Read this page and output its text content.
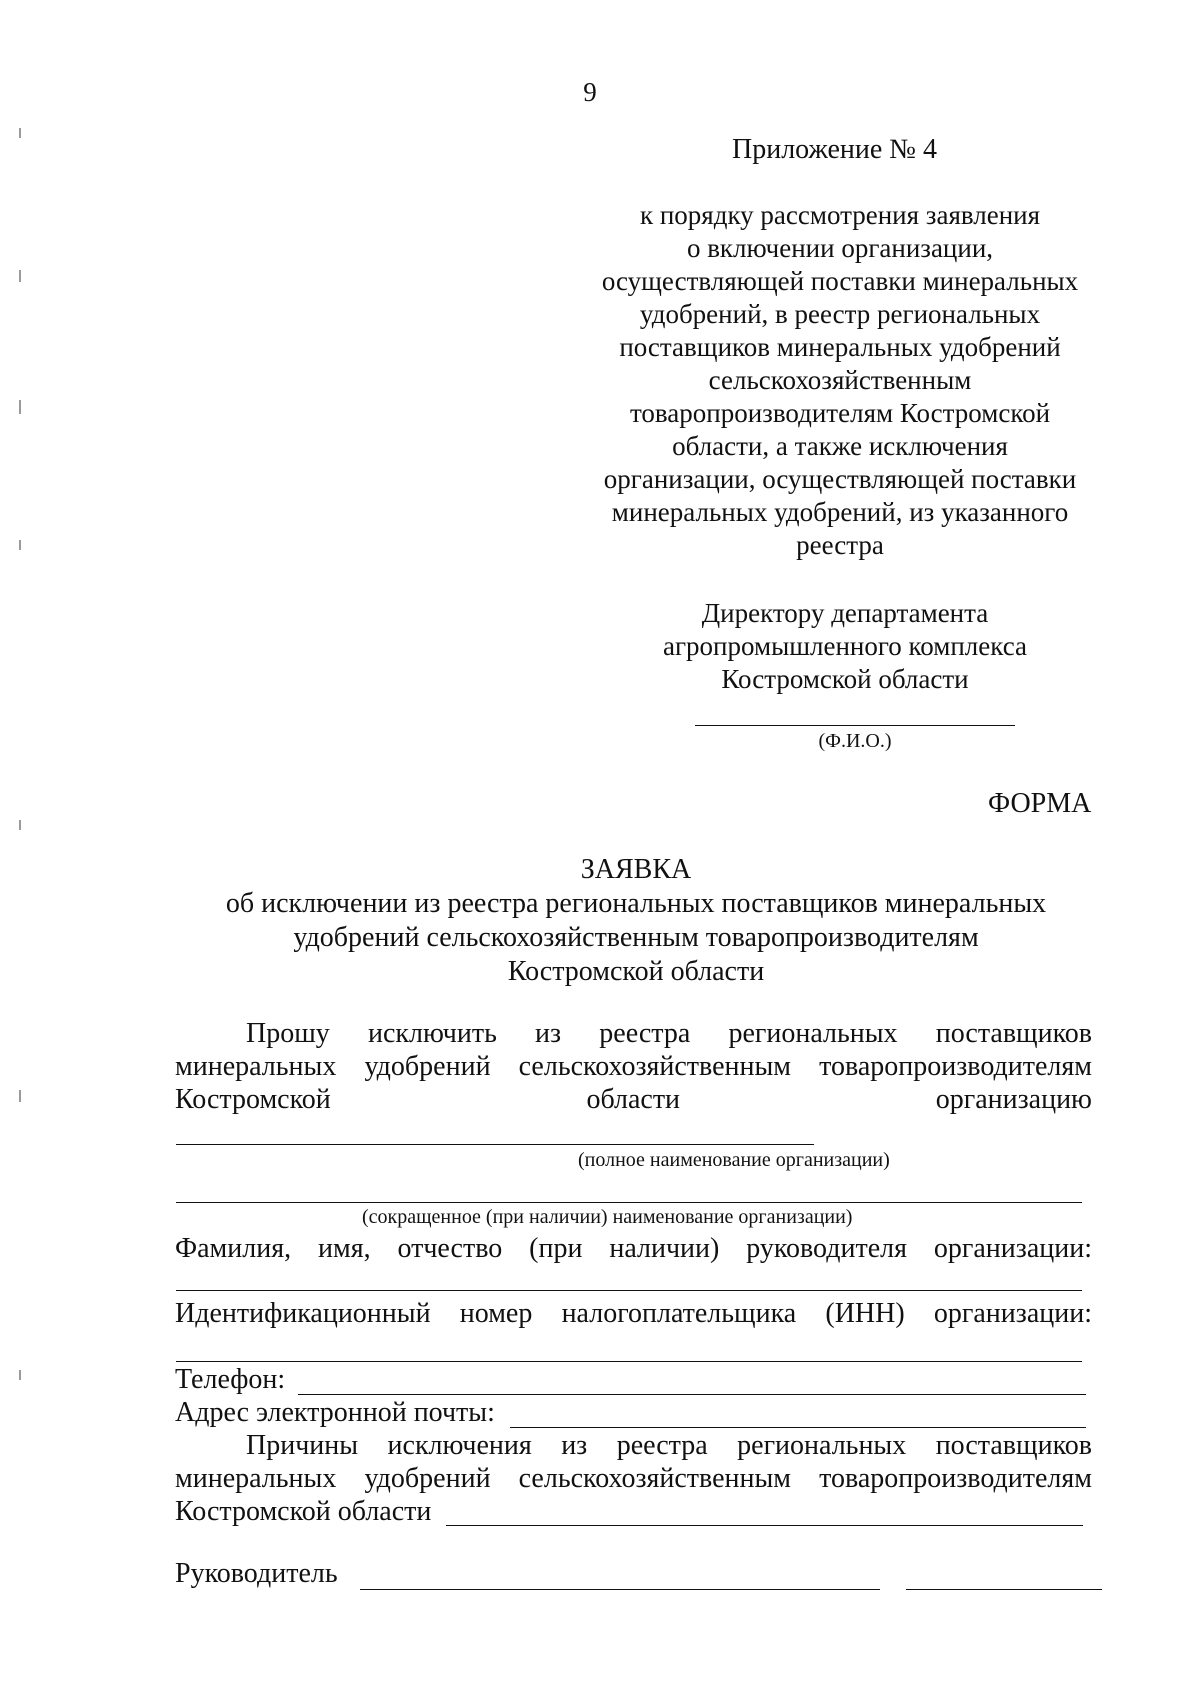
9
Приложение № 4
к порядку рассмотрения заявления
о включении организации,
осуществляющей поставки минеральных
удобрений, в реестр региональных
поставщиков минеральных удобрений
сельскохозяйственным
товаропроизводителям Костромской
области, а также исключения
организации, осуществляющей поставки
минеральных удобрений, из указанного
реестра
Директору департамента
агропромышленного комплекса
Костромской области
(Ф.И.О.)
ФОРМА
ЗАЯВКА
об исключении из реестра региональных поставщиков минеральных
удобрений сельскохозяйственным товаропроизводителям
Костромской области
Прошу исключить из реестра региональных поставщиков
минеральных удобрений сельскохозяйственным товаропроизводителям
Костромской	области	организацию
(полное наименование организации)
(сокращенное (при наличии) наименование организации)
Фамилия, имя, отчество (при наличии) руководителя организации:
Идентификационный номер налогоплательщика (ИНН) организации:
Телефон:
Адрес электронной почты:
Причины исключения из реестра региональных поставщиков
минеральных удобрений сельскохозяйственным товаропроизводителям
Костромской области
Руководитель
